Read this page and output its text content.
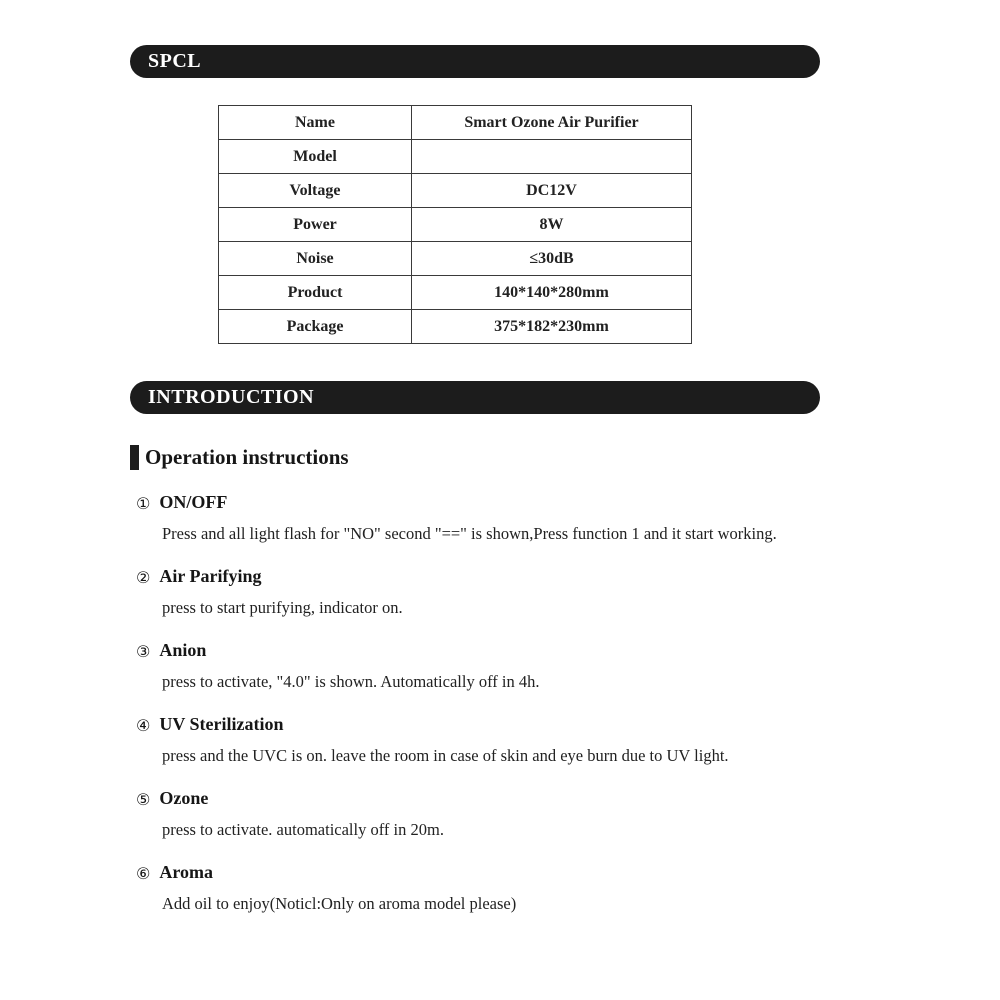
SPCL
Name	Smart Ozone Air Purifier
Model	
Voltage	DC12V
Power	8W
Noise	≤30dB
Product	140*140*280mm
Package	375*182*230mm
INTRODUCTION
Operation instructions
① ON/OFF

Press and all light flash for "NO" second "==" is shown,Press function 1 and it start working.

② Air Parifying

press to start purifying, indicator on.

③ Anion

press to activate, "4.0" is shown. Automatically off in 4h.

④ UV Sterilization

press and the UVC is on. leave the room in case of skin and eye burn due to UV light.

⑤ Ozone

press to activate. automatically off in 20m.

⑥ Aroma

Add oil to enjoy(Noticl:Only on aroma model please)
